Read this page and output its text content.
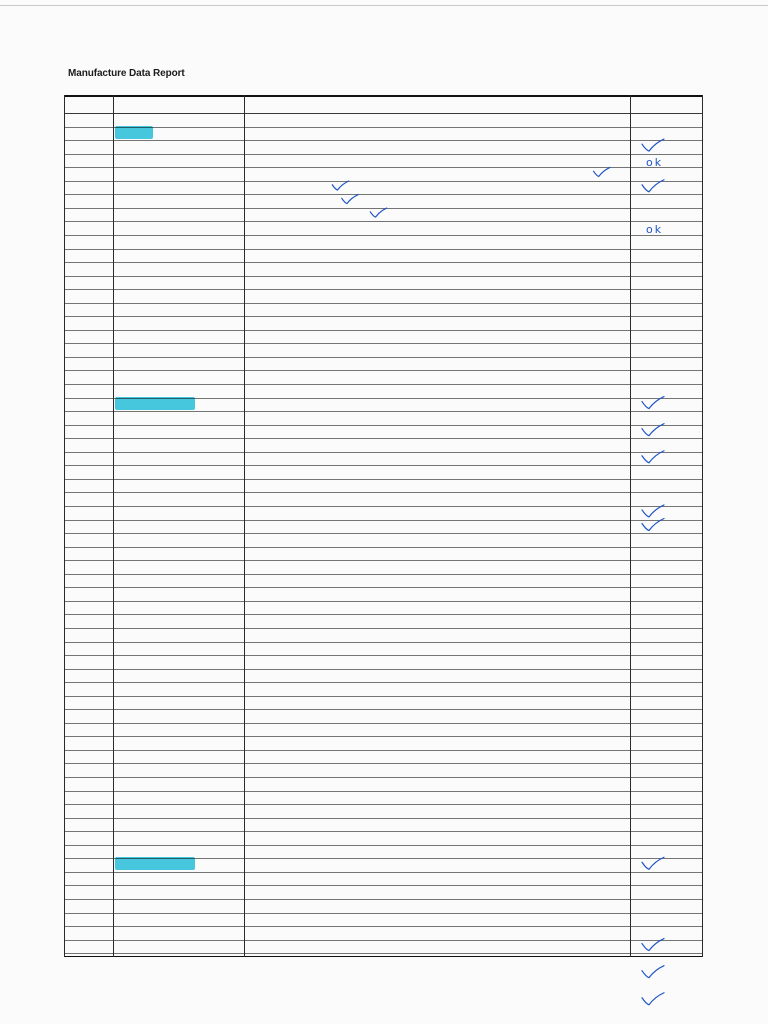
Manufacture Data Report
ok
ok
